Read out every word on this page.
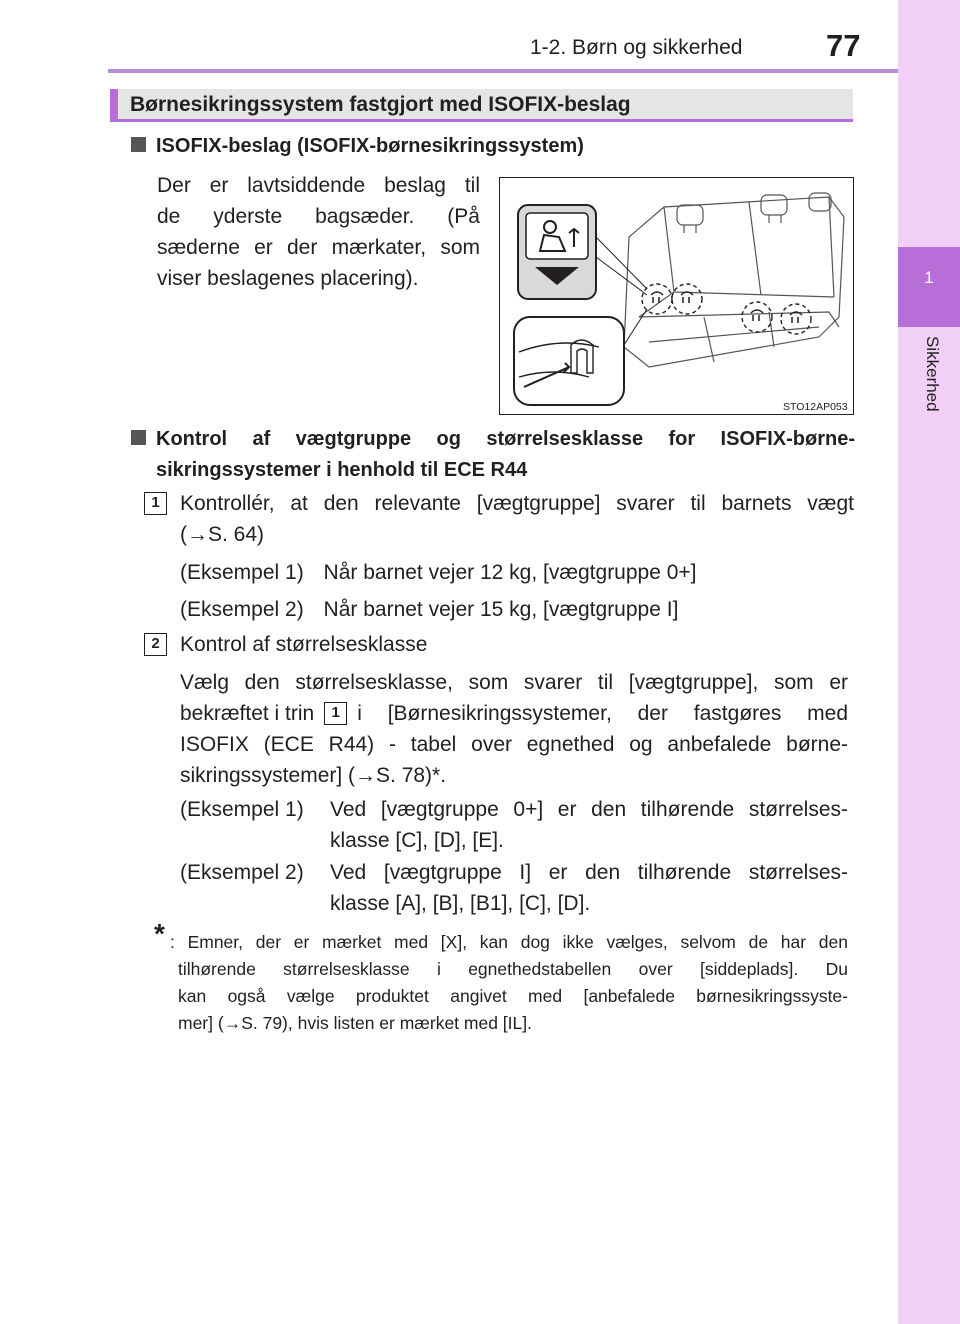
1-2. Børn og sikkerhed	77
1
Sikkerhed
Børnesikringssystem fastgjort med ISOFIX-beslag
ISOFIX-beslag (ISOFIX-børnesikringssystem)
Der er lavtsiddende beslag til
de yderste bagsæder. (På
sæderne er der mærkater, som
viser beslagenes placering).
STO12AP053
Kontrol af vægtgruppe og størrelsesklasse for ISOFIX-børne-
sikringssystemer i henhold til ECE R44
1 Kontrollér, at den relevante [vægtgruppe] svarer til barnets vægt
(→S. 64)
(Eksempel 1) Når barnet vejer 12 kg, [vægtgruppe 0+]
(Eksempel 2) Når barnet vejer 15 kg, [vægtgruppe I]
2 Kontrol af størrelsesklasse
Vælg den størrelsesklasse, som svarer til [vægtgruppe], som er
bekræftet i trin	1 i [Børnesikringssystemer, der fastgøres med
ISOFIX (ECE R44) - tabel over egnethed og anbefalede børne-
sikringssystemer] (→S. 78)*.
(Eksempel 1)	Ved [vægtgruppe 0+] er den tilhørende størrelses-
klasse [C], [D], [E].
(Eksempel 2)	Ved [vægtgruppe I] er den tilhørende størrelses-
klasse [A], [B], [B1], [C], [D].
* : Emner, der er mærket med [X], kan dog ikke vælges, selvom de har den
tilhørende størrelsesklasse i egnethedstabellen over [siddeplads]. Du
kan også vælge produktet angivet med [anbefalede børnesikringssyste-
mer] (→S. 79), hvis listen er mærket med [IL].
